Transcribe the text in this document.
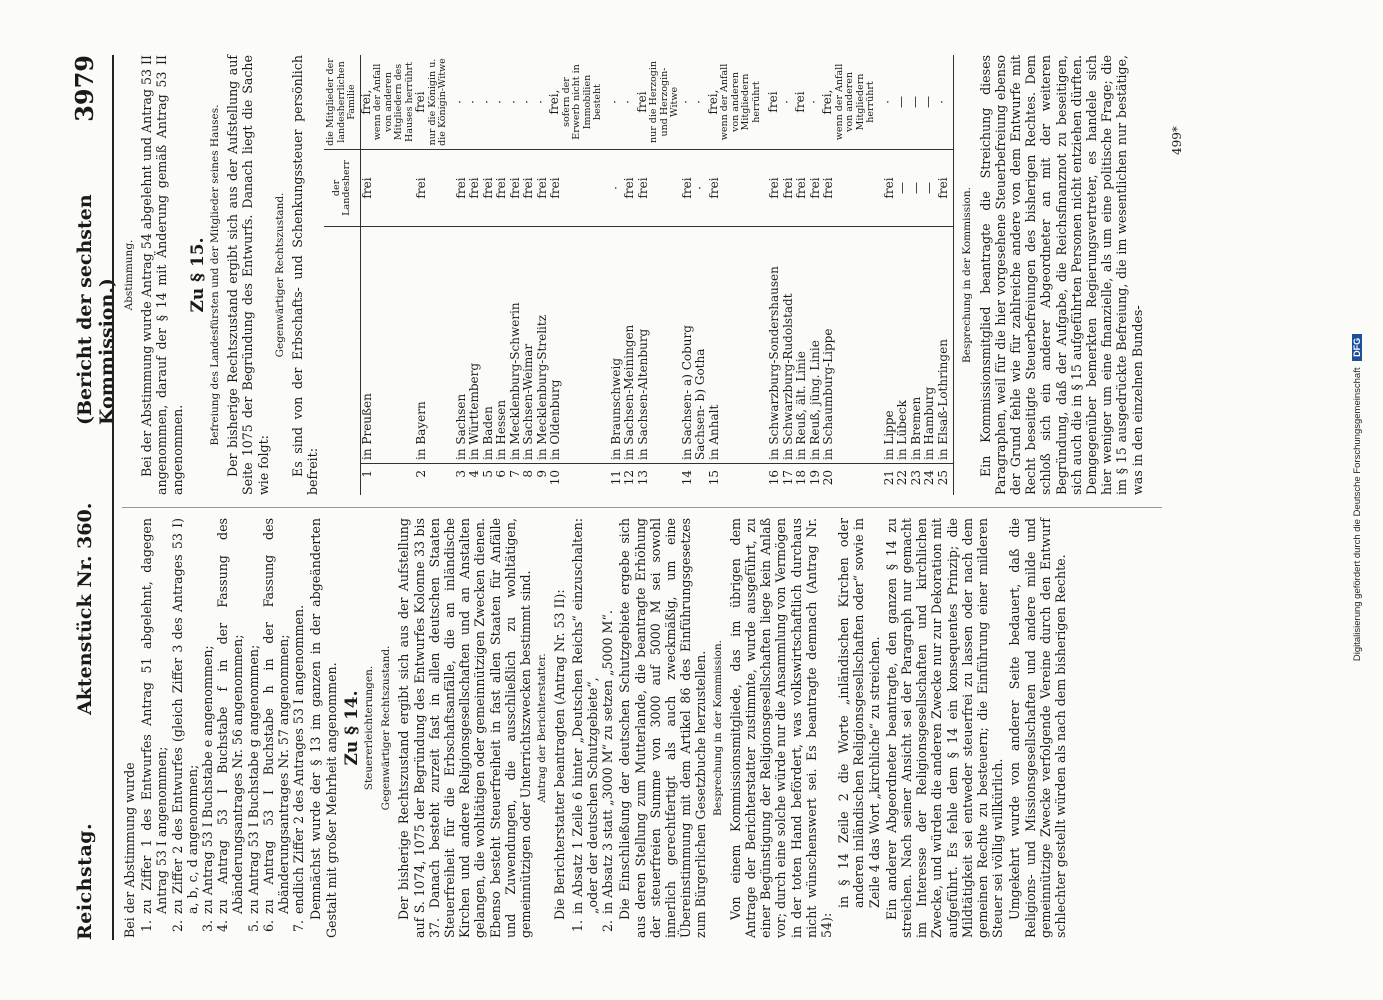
Reichstag.
Aktenstück Nr. 360.
(Bericht der sechsten Kommission.)
3979

Bei der Abstimmung wurde 1.zu Ziffer 1 des Entwurfes Antrag 51 abgelehnt, dagegen Antrag 53 I angenommen;
2.zu Ziffer 2 des Entwurfes (gleich Ziffer 3 des Antrages 53 I) a, b, c, d angenommen;
3.zu Antrag 53 I Buchstabe e angenommen;
4.zu Antrag 53 I Buchstabe f in der Fassung des Abänderungsantrages Nr. 56 angenommen;
5.zu Antrag 53 I Buchstabe g angenommen;
6.zu Antrag 53 I Buchstabe h in der Fassung des Abänderungsantrages Nr. 57 angenommen;
7.endlich Ziffer 2 des Antrages 53 I angenommen. Demnächst wurde der § 13 im ganzen in der abgeänderten Gestalt mit großer Mehrheit angenommen. Zu § 14. Steuererleichterungen. Gegenwärtiger Rechtszustand. Der bisherige Rechtszustand ergibt sich aus der Aufstellung auf S. 1074, 1075 der Begründung des Entwurfes Kolonne 33 bis 37. Danach besteht zurzeit fast in allen deutschen Staaten Steuerfreiheit für die Erbschaftsanfälle, die an inländische Kirchen und andere Religionsgesellschaften und an Anstalten gelangen, die wohltätigen oder gemeinnützigen Zwecken dienen. Ebenso besteht Steuerfreiheit in fast allen Staaten für Anfälle und Zuwendungen, die ausschließlich zu wohltätigen, gemeinnützigen oder Unterrichtszwecken bestimmt sind. Antrag der Berichterstatter. Die Berichterstatter beantragten (Antrag Nr. 53 II):

1.in Absatz 1 Zeile 6 hinter „Deutschen Reichs“ einzuschalten: „oder der deutschen Schutzgebiete“,
2.in Absatz 3 statt „3000 M“ zu setzen „5000 M“. Die Einschließung der deutschen Schutzgebiete ergebe sich aus deren Stellung zum Mutterlande, die beantragte Erhöhung der steuerfreien Summe von 3000 auf 5000 M sei sowohl innerlich gerechtfertigt als auch zweckmäßig, um eine Übereinstimmung mit dem Artikel 86 des Einführungsgesetzes zum Bürgerlichen Gesetzbuche herzustellen. Besprechung in der Kommission. Von einem Kommissionsmitgliede, das im übrigen dem Antrage der Berichterstatter zustimmte, wurde ausgeführt, zu einer Begünstigung der Religionsgesellschaften liege kein Anlaß vor; durch eine solche würde nur die Ansammlung von Vermögen in der toten Hand befördert, was volkswirtschaftlich durchaus nicht wünschenswert sei. Es beantragte demnach (Antrag Nr. 54):

in § 14 Zeile 2 die Worte „inländischen Kirchen oder anderen inländischen Religionsgesellschaften oder“ sowie in Zeile 4 das Wort „kirchliche“ zu streichen. Ein anderer Abgeordneter beantragte, den ganzen § 14 zu streichen. Nach seiner Ansicht sei der Paragraph nur gemacht im Interesse der Religionsgesellschaften und kirchlichen Zwecke, und würden die anderen Zwecke nur zur Dekoration mit aufgeführt. Es fehle dem § 14 ein konsequentes Prinzip; die Mildtätigkeit sei entweder steuerfrei zu lassen oder nach dem gemeinen Rechte zu besteuern; die Einführung einer milderen Steuer sei völlig willkürlich. Umgekehrt wurde von anderer Seite bedauert, daß die Religions- und Missionsgesellschaften und andere milde und gemeinnützige Zwecke verfolgende Vereine durch den Entwurf schlechter gestellt würden als nach dem bisherigen Rechte.

Abstimmung. Bei der Abstimmung wurde Antrag 54 abgelehnt und Antrag 53 II angenommen, darauf der § 14 mit Änderung gemäß Antrag 53 II angenommen.

Zu § 15. Befreiung des Landesfürsten und der Mitglieder seines Hauses. Der bisherige Rechtszustand ergibt sich aus der Aufstellung auf Seite 1075 der Begründung des Entwurfs. Danach liegt die Sache wie folgt:

Gegenwärtiger Rechtszustand. Es sind von der Erbschafts- und Schenkungssteuer persönlich befreit:

		der Landesherr	die Mitglieder der landesherrlichen Familie
1	in Preußen	frei	frei,
wenn der Anfall von anderen Mitgliedern des Hauses herrührt
2	in Bayern	frei	frei
nur die Königin u. die Königin-Witwe
3	in Sachsen	frei	·
4	in Württemberg	frei	·
5	in Baden	frei	·
6	in Hessen	frei	·
7	in Mecklenburg-Schwerin	frei	·
8	in Sachsen-Weimar	frei	·
9	in Mecklenburg-Strelitz	frei	·
10	in Oldenburg	frei	frei,
sofern der Erwerb nicht in Immobilien besteht
11	in Braunschweig	·	·
12	in Sachsen-Meiningen	frei	·
13	in Sachsen-Altenburg	frei	frei
nur die Herzogin und Herzogin-Witwe
14	in Sachsen- a) Coburg	frei	·
	Sachsen- b) Gotha	·	·
15	in Anhalt	frei	frei,
wenn der Anfall von anderen Mitgliedern herrührt
16	in Schwarzburg-Sondershausen	frei	frei
17	in Schwarzburg-Rudolstadt	frei	·
18	in Reuß, ält. Linie	frei	frei
19	in Reuß, jüng. Linie	frei	·
20	in Schaumburg-Lippe	frei	frei,
wenn der Anfall von anderen Mitgliedern herrührt
21	in Lippe	frei	·
22	in Lübeck	—	—
23	in Bremen	—	—
24	in Hamburg	—	—
25	in Elsaß-Lothringen	frei	·

Besprechung in der Kommission. Ein Kommissionsmitglied beantragte die Streichung dieses Paragraphen, weil für die hier vorgesehene Steuerbefreiung ebenso der Grund fehle wie für zahlreiche andere von dem Entwurfe mit Recht beseitigte Steuerbefreiungen des bisherigen Rechtes. Dem schloß sich ein anderer Abgeordneter an mit der weiteren Begründung, daß der Aufgabe, die Reichsfinanznot zu beseitigen, sich auch die in § 15 aufgeführten Personen nicht entziehen dürften. Demgegenüber bemerkten Regierungsvertreter, es handele sich hier weniger um eine finanzielle, als um eine politische Frage; die im § 15 ausgedrückte Befreiung, die im wesentlichen nur bestätige, was in den einzelnen Bundes-

499*
Digitalisierung gefördert durch die Deutsche Forschungsgemeinschaft DFG
